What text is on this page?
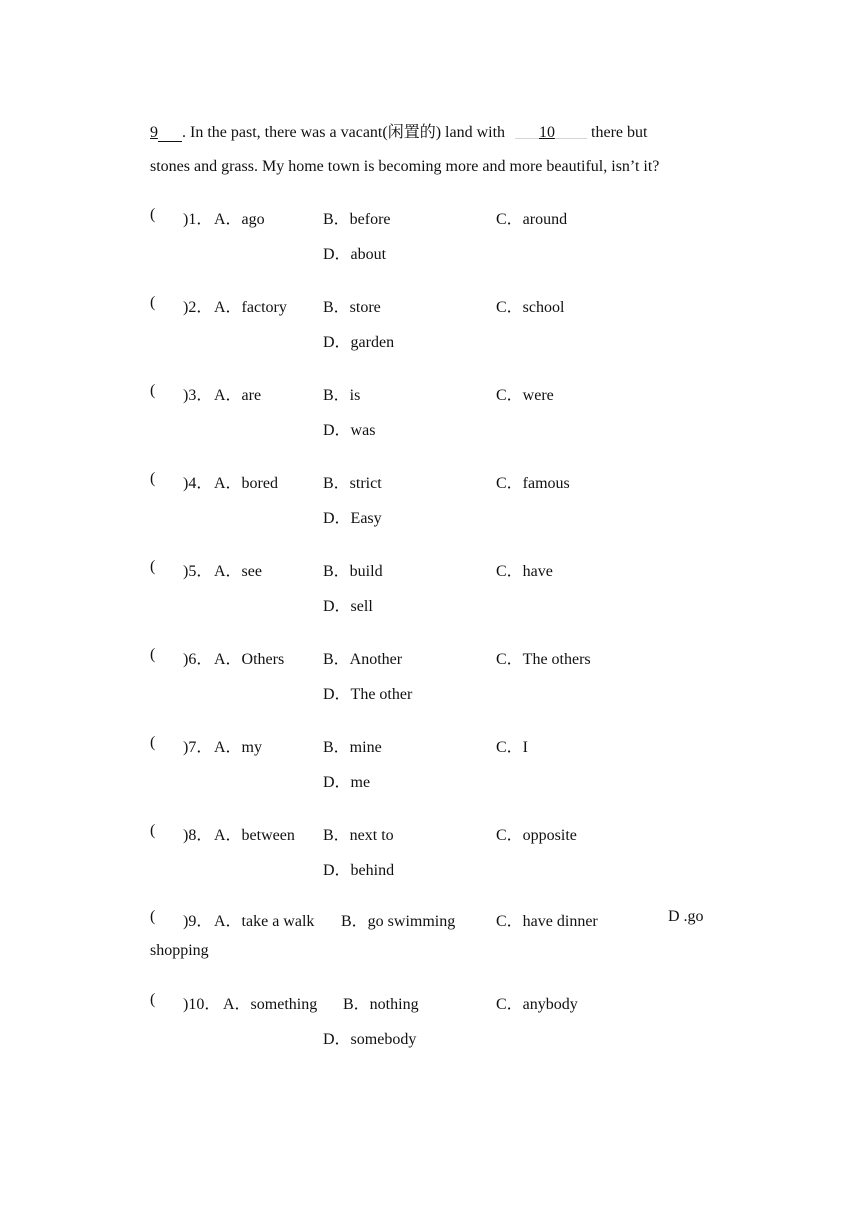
9___. In the past, there was a vacant(闲置的) land with ___10____ there but
stones and grass. My home town is becoming more and more beautiful, isn’t it?
( )1． A．ago	B．before	C．around
D．about
( )2． A．factory B．store	C．school
D．garden
( )3． A．are	B．is	C．were
D．was
( )4． A．bored	B．strict	C．famous
D．Easy
( )5． A．see	B．build	C．have
D．sell
( )6． A．Others B．Another	C．The others
D．The other
( )7． A．my	B．mine	C．I
D．me
( )8． A．between B．next to	C．opposite
D．behind
( )9． A．take a walk B．go swimming	C．have dinner	D .go
shopping
( )10． A．something B．nothing	C．anybody
D．somebody
